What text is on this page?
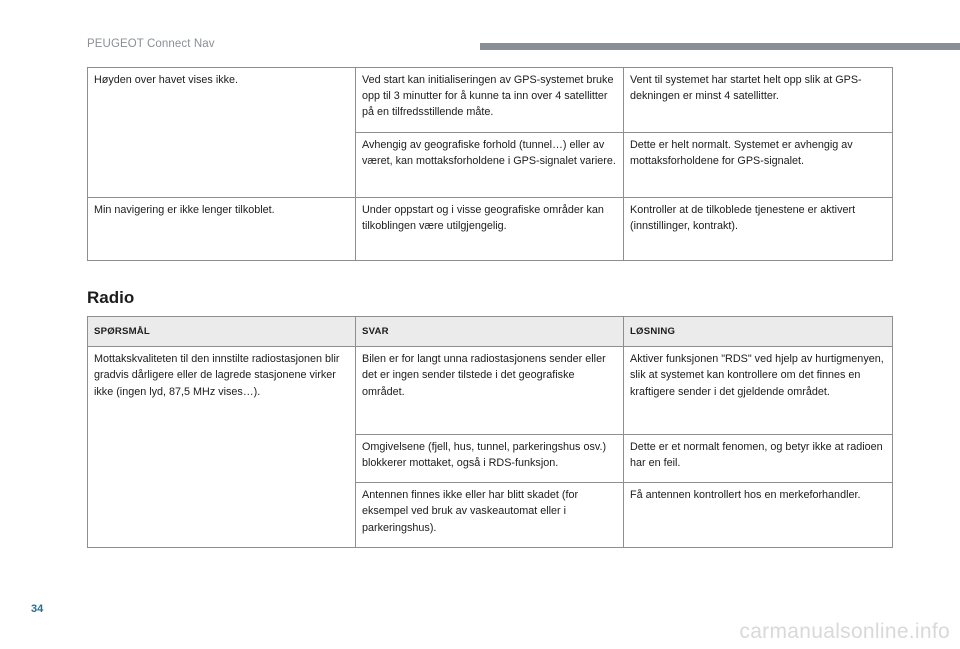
PEUGEOT Connect Nav
Høyden over havet vises ikke.	Ved start kan initialiseringen av GPS-systemet bruke opp til 3 minutter for å kunne ta inn over 4 satellitter på en tilfredsstillende måte.	Vent til systemet har startet helt opp slik at GPS-dekningen er minst 4 satellitter.
	Avhengig av geografiske forhold (tunnel…) eller av været, kan mottaksforholdene i GPS-signalet variere.	Dette er helt normalt. Systemet er avhengig av mottaksforholdene for GPS-signalet.
Min navigering er ikke lenger tilkoblet.	Under oppstart og i visse geografiske områder kan tilkoblingen være utilgjengelig.	Kontroller at de tilkoblede tjenestene er aktivert (innstillinger, kontrakt).
Radio
SPØRSMÅL	SVAR	LØSNING
Mottakskvaliteten til den innstilte radiostasjonen blir gradvis dårligere eller de lagrede stasjonene virker ikke (ingen lyd, 87,5 MHz vises…).	Bilen er for langt unna radiostasjonens sender eller det er ingen sender tilstede i det geografiske området.	Aktiver funksjonen "RDS" ved hjelp av hurtigmenyen, slik at systemet kan kontrollere om det finnes en kraftigere sender i det gjeldende området.
	Omgivelsene (fjell, hus, tunnel, parkeringshus osv.) blokkerer mottaket, også i RDS-funksjon.	Dette er et normalt fenomen, og betyr ikke at radioen har en feil.
	Antennen finnes ikke eller har blitt skadet (for eksempel ved bruk av vaskeautomat eller i parkeringshus).	Få antennen kontrollert hos en merkeforhandler.
34
carmanualsonline.info
